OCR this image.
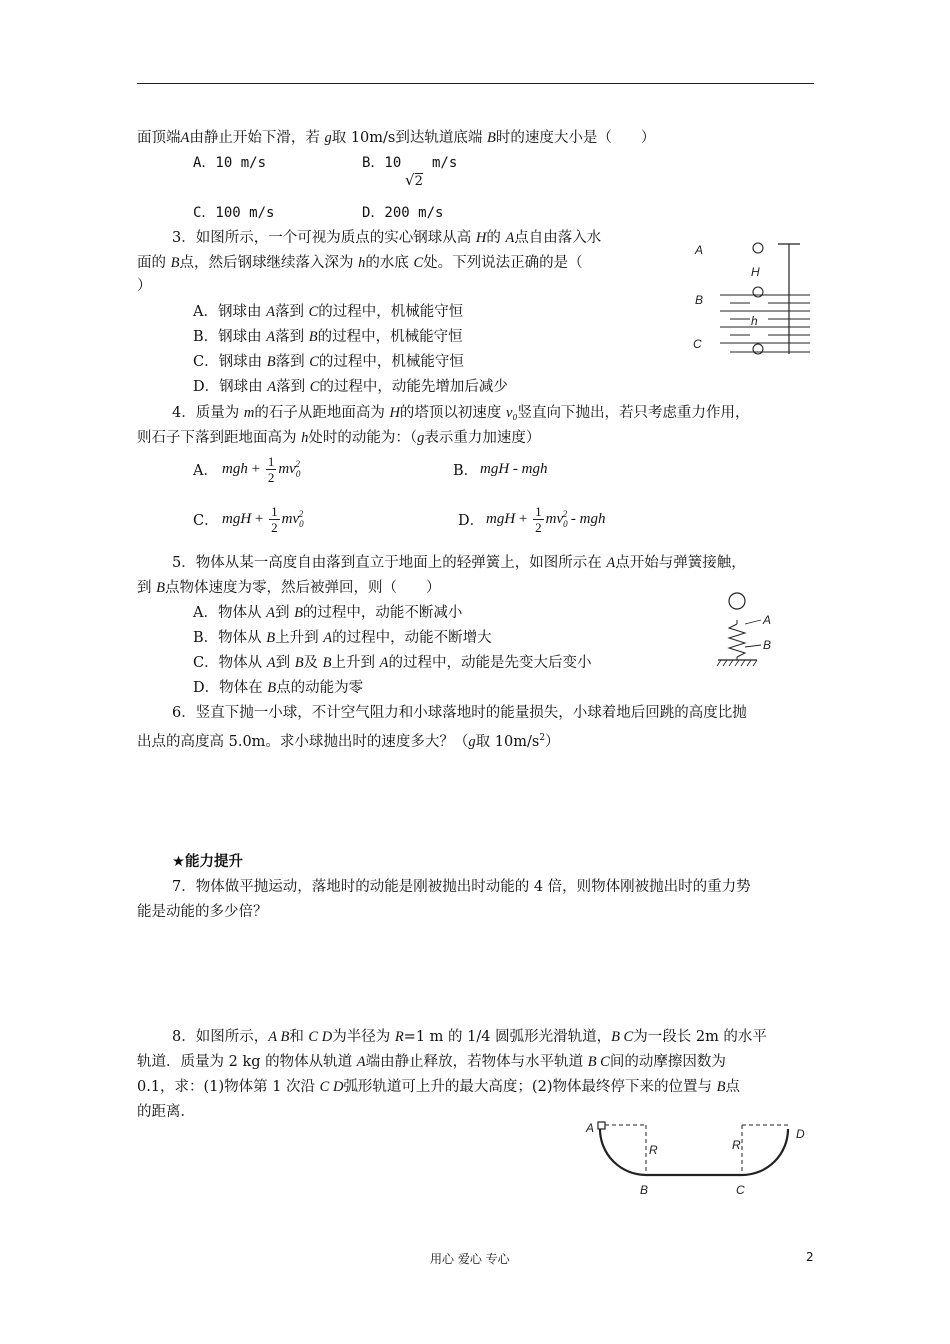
面顶端A由静止开始下滑，若 g取 10m/s到达轨道底端 B时的速度大小是（　　）
A．10 m/s	B．10
√2
m/s
C．100 m/s	D．200 m/s
3．如图所示，一个可视为质点的实心钢球从高 H的 A点自由落入水
面的 B点，然后钢球继续落入深为 h的水底 C处。下列说法正确的是（
）
A．钢球由 A落到 C的过程中，机械能守恒
B．钢球由 A落到 B的过程中，机械能守恒
C．钢球由 B落到 C的过程中，机械能守恒
D．钢球由 A落到 C的过程中，动能先增加后减少
A
H
B
h
C
4．质量为 m的石子从距地面高为 H的塔顶以初速度 v₀竖直向下抛出，若只考虑重力作用，
则石子下落到距地面高为 h处时的动能为：（g表示重力加速度）
A． mgh + $\frac{1}{2} mv_0^2$	B． mgH - mgh
C． mgH + $\frac{1}{2} mv_0^2$	D． mgH + $\frac{1}{2} mv_0^2$ - mgh
5．物体从某一高度自由落到直立于地面上的轻弹簧上，如图所示在 A点开始与弹簧接触，
到 B点物体速度为零，然后被弹回，则（　　）
A．物体从 A到 B的过程中，动能不断减小
B．物体从 B上升到 A的过程中，动能不断增大
C．物体从 A到 B及 B上升到 A的过程中，动能是先变大后变小
D．物体在 B点的动能为零
A
B
6．竖直下抛一小球，不计空气阻力和小球落地时的能量损失，小球着地后回跳的高度比抛
出点的高度高 5.0m。求小球抛出时的速度多大？（g取 $10m/s^2$）
★能力提升
7．物体做平抛运动，落地时的动能是刚被抛出时动能的 4 倍，则物体刚被抛出时的重力势
能是动能的多少倍？
8．如图所示，A B和 C D为半径为 R=1 m 的 1/4 圆弧形光滑轨道，B C为一段长 2m 的水平
轨道．质量为 2 kg 的物体从轨道 A端由静止释放，若物体与水平轨道 B C间的动摩擦因数为
0.1，求：(1)物体第 1 次沿 C D弧形轨道可上升的最大高度；(2)物体最终停下来的位置与 B点
的距离．
A
R	R
D
B	C
用心 爱心 专心	2
